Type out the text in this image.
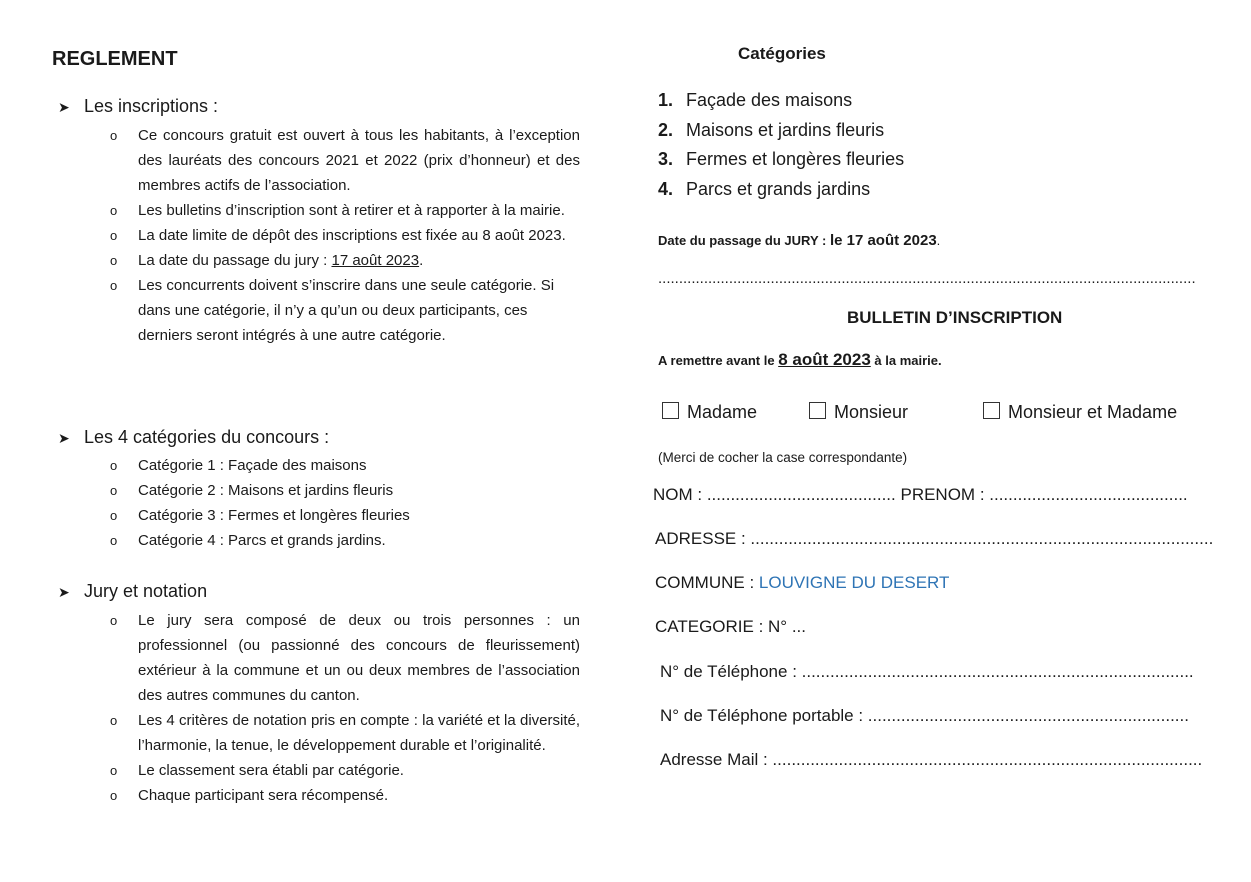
REGLEMENT
➤ Les inscriptions :
o Ce concours gratuit est ouvert à tous les habitants, à l’exception des lauréats des concours 2021 et 2022 (prix d’honneur) et des membres actifs de l’association.
o Les bulletins d’inscription sont à retirer et à rapporter à la mairie.
o La date limite de dépôt des inscriptions est fixée au 8 août 2023.
o La date du passage du jury : 17 août 2023.
o Les concurrents doivent s’inscrire dans une seule catégorie. Si dans une catégorie, il n’y a qu’un ou deux participants, ces derniers seront intégrés à une autre catégorie.
➤ Les 4 catégories du concours :
o Catégorie 1 : Façade des maisons
o Catégorie 2 : Maisons et jardins fleuris
o Catégorie 3 : Fermes et longères fleuries
o Catégorie 4 : Parcs et grands jardins.
➤ Jury et notation
o Le jury sera composé de deux ou trois personnes : un professionnel (ou passionné des concours de fleurissement) extérieur à la commune et un ou deux membres de l’association des autres communes du canton.
o Les 4 critères de notation pris en compte : la variété et la diversité, l’harmonie, la tenue, le développement durable et l’originalité.
o Le classement sera établi par catégorie.
o Chaque participant sera récompensé.
Catégories
1. Façade des maisons
2. Maisons et jardins fleuris
3. Fermes et longères fleuries
4. Parcs et grands jardins
Date du passage du JURY : le 17 août 2023.
.................................................................................................................................
BULLETIN D’INSCRIPTION
A remettre avant le 8 août 2023 à la mairie.
Madame	Monsieur	Monsieur et Madame
(Merci de cocher la case correspondante)
NOM : ........................................ PRENOM : ..........................................
ADRESSE : ..................................................................................................
COMMUNE : LOUVIGNE DU DESERT
CATEGORIE : N° ...
N° de Téléphone : ...................................................................................
N° de Téléphone portable : ....................................................................
Adresse Mail : ...........................................................................................
